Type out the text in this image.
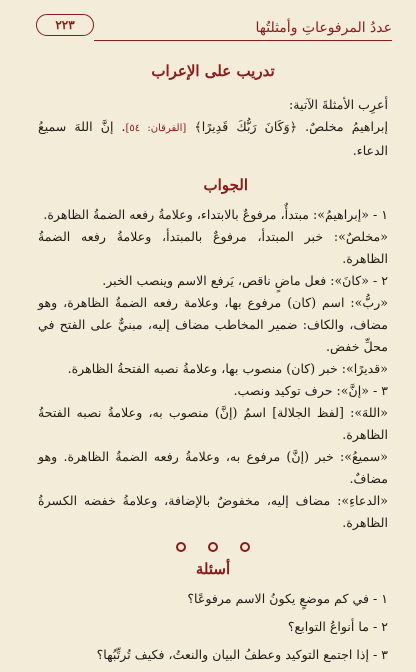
٢٢٣	عددُ المرفوعاتِ وأمثلتُها
تدريب على الإعراب
أعرِب الأمثلةَ الآتية:
إبراهيمُ مخلصٌ. ﴿وَكَانَ رَبُّكَ قَدِيرًا﴾ [الفرقان: ٥٤]. إنَّ اللهَ سميعُ الدعاء.
الجواب
١ - «إبراهيمُ»: مبتدأٌ، مرفوعٌ بالابتداء، وعلامةُ رفعه الضمةُ الظاهرة.
«مخلصٌ»: خبر المبتدأ، مرفوعٌ بالمبتدأ، وعلامةُ رفعه الضمةُ الظاهرة.
٢ - «كانَ»: فعل ماضٍ ناقص، يَرفع الاسم وينصب الخبر.
«ربُّ»: اسم (كان) مرفوع بها، وعلامة رفعه الضمةُ الظاهرة، وهو مضاف، والكاف: ضمير المخاطب مضاف إليه، مبنيٌّ على الفتح في محلِّ خفض.
«قديرًا»: خبر (كان) منصوب بها، وعلامةُ نصبه الفتحةُ الظاهرة.
٣ - «إنَّ»: حرف توكيد ونصب.
«اللهَ»: [لفظ الجلالة] اسمُ (إنَّ) منصوب به، وعلامةُ نصبه الفتحةُ الظاهرة.
«سميعُ»: خبر (إنَّ) مرفوع به، وعلامةُ رفعه الضمةُ الظاهرة. وهو مضافٌ.
«الدعاءِ»: مضاف إليه، مخفوضٌ بالإضافة، وعلامةُ خفضه الكسرةُ الظاهرة.
أسئلة
١ - في كم موضعٍ يكونُ الاسم مرفوعًا؟
٢ - ما أنواعُ التوابع؟
٣ - إذا اجتمع التوكيد وعطفُ البيان والنعتُ، فكيف تُرتِّبُها؟
